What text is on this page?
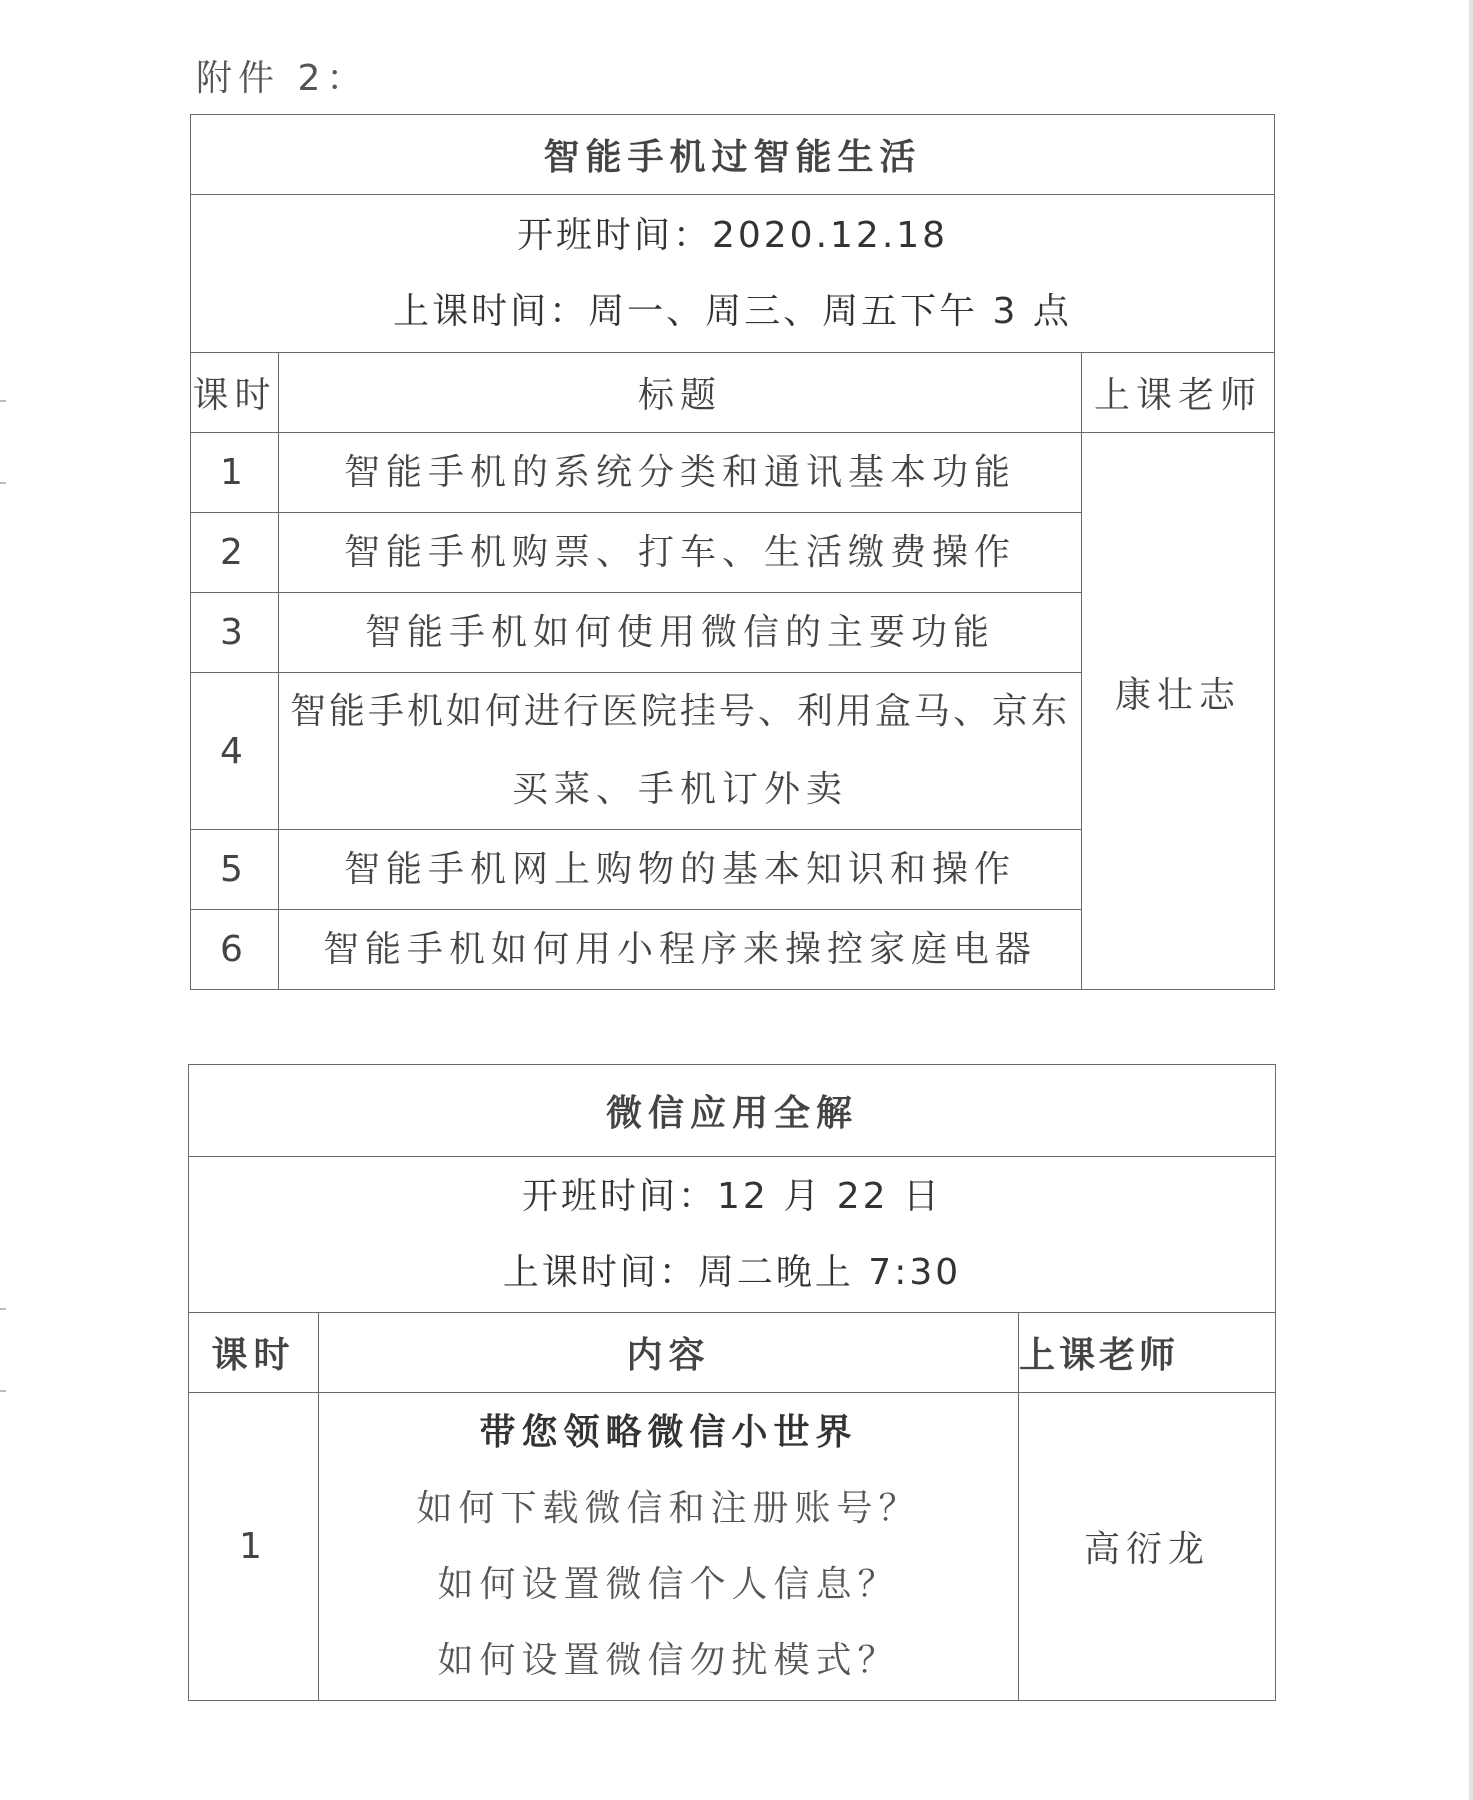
附件 2：
智能手机过智能生活		

开班时间：2020.12.18
上课时间：周一、周三、周五下午 3 点		

课时	标题	上课老师
1	智能手机的系统分类和通讯基本功能	康壮志

2	智能手机购票、打车、生活缴费操作	

3	智能手机如何使用微信的主要功能	

4	智能手机如何进行医院挂号、利用盒马、京东
买菜、手机订外卖	

5	智能手机网上购物的基本知识和操作	

6	智能手机如何用小程序来操控家庭电器	
微信应用全解		

开班时间：12 月 22 日
上课时间：周二晚上 7:30		

课时	内容	上课老师
1	带您领略微信小世界
如何下载微信和注册账号？
如何设置微信个人信息？
如何设置微信勿扰模式？	高衍龙
